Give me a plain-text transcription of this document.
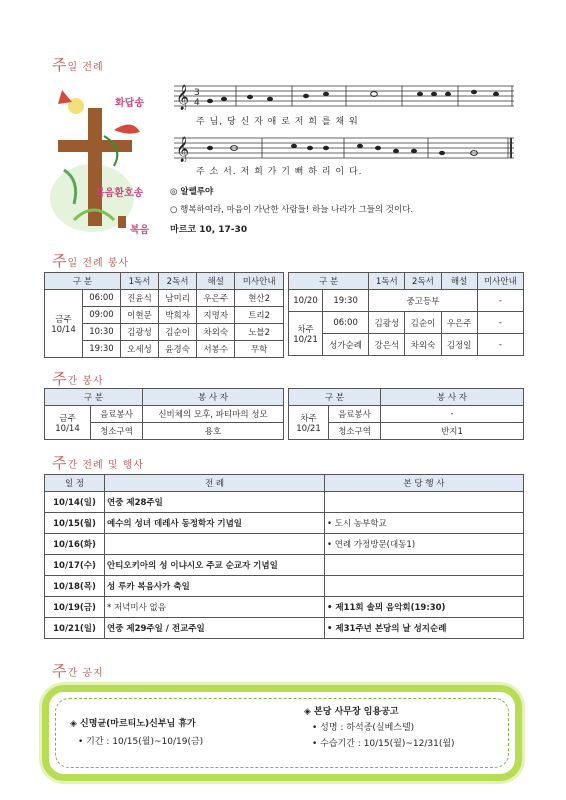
주일 전례
화답송 𝄞 3
4
주 님, 당 신 자 애 로 저 희 를 채 워
𝄞
주 소 서. 저 희 가 기 뻐 하 리 이 다.
복음환호송	◎ 알렐루야
○ 행복하여라, 마음이 가난한 사람들! 하늘 나라가 그들의 것이다.
복음 마르코 10, 17-30
주일 전례 봉사
구 분		1독서	2독서	해설	미사안내
금주 10/14	06:00	진윤식	남미리	우은주	현산2
	09:00	이현문	박희자	지명자	트리2
	10:30	김광성	김순이	차외숙	노블2
	19:30	오세성	윤경숙	서봉수	무학
구 분		1독서	2독서	해설	미사안내
10/20	19:30	중고등부			-
차주 10/21	06:00	김광성	김순이	우은주	-
	성가순례	강은석	차외숙	김정일	-
주간 봉사
구 분		봉 사 자
금주 10/14	음료봉사	신비체의 모후, 파티마의 성모
	청소구역	용호
구 분		봉 사 자
차주 10/21	음료봉사	-
	청소구역	반지1
주간 전례 및 행사
일 정	전 례	본 당 행 사
10/14(일)	연중 제28주일	
10/15(월)	예수의 성녀 데레사 동정학자 기념일	• 도시 농부학교
10/16(화)		• 연례 가정방문(대동1)
10/17(수)	안티오키아의 성 이냐시오 주교 순교자 기념일	
10/18(목)	성 루카 복음사가 축일	
10/19(금)	* 저녁미사 없음	• 제11회 솔뫼 음악회(19:30)
10/21(일)	연중 제29주일 / 전교주일	• 제31주년 본당의 날 성지순례
주간 공지
◈ 신명균(마르티노)신부님 휴가
• 기간 : 10/15(월)~10/19(금)
◈ 본당 사무장 임용공고
• 성명 : 하석종(실베스텔)
• 수습기간 : 10/15(월)~12/31(월)
